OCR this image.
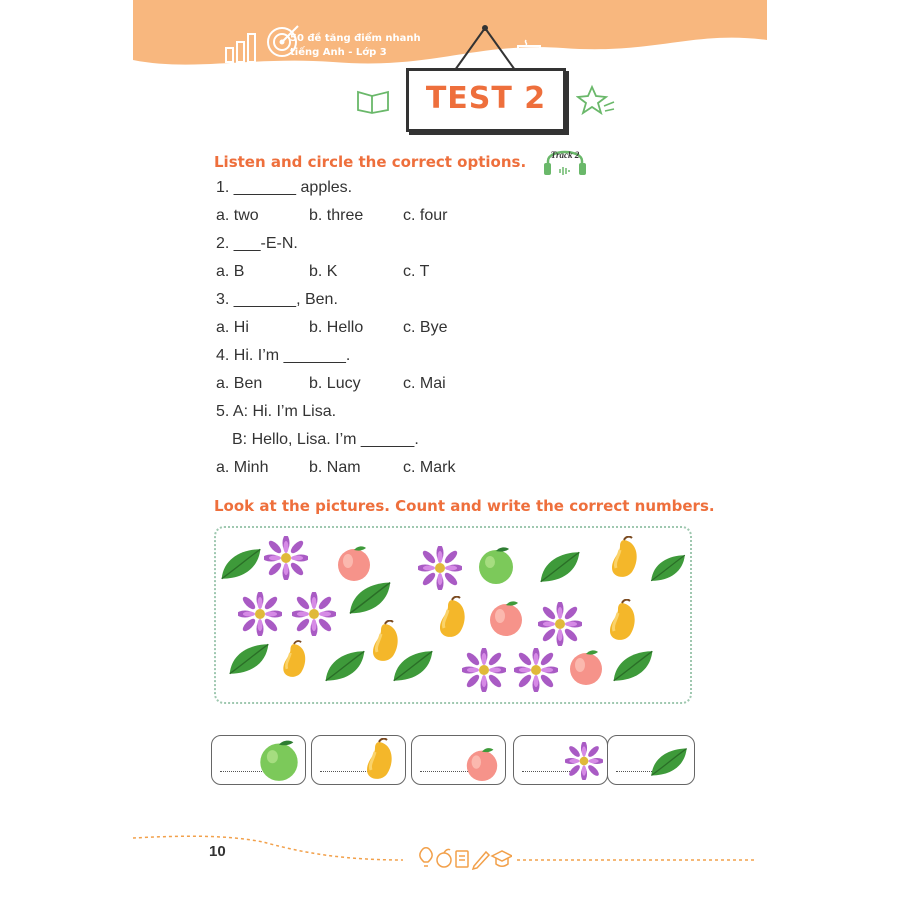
50 đề tăng điểm nhanh
tiếng Anh - Lớp 3
TEST 2
Listen and circle the correct options.	Track 2
1. _______ apples.
a. two	b. three c. four
2. ___-E-N.
a. B	b. K	c. T
3. _______, Ben.
a. Hi	b. Hello c. Bye
4. Hi. I’m _______.
a. Ben	b. Lucy	c. Mai
5. A: Hi. I’m Lisa.
B: Hello, Lisa. I’m ______.
a. Minh	b. Nam	c. Mark
Look at the pictures. Count and write the correct numbers.
10
